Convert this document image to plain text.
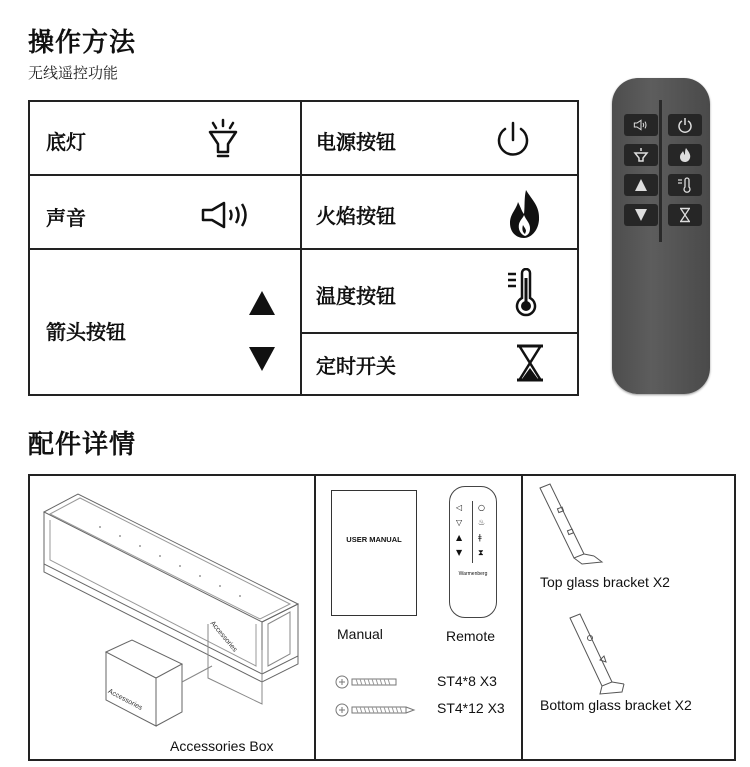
操作方法
无线遥控功能
底灯
声音
箭头按钮
电源按钮
火焰按钮
温度按钮
定时开关
配件详情
Accessories
Accessories
Accessories Box
USER MANUAL
Manual
◁
▽
▲
▼
○
♨
ǂ
⧗
Warmenberg
Remote
ST4*8 X3
ST4*12 X3
Top glass bracket X2
Bottom glass bracket X2
